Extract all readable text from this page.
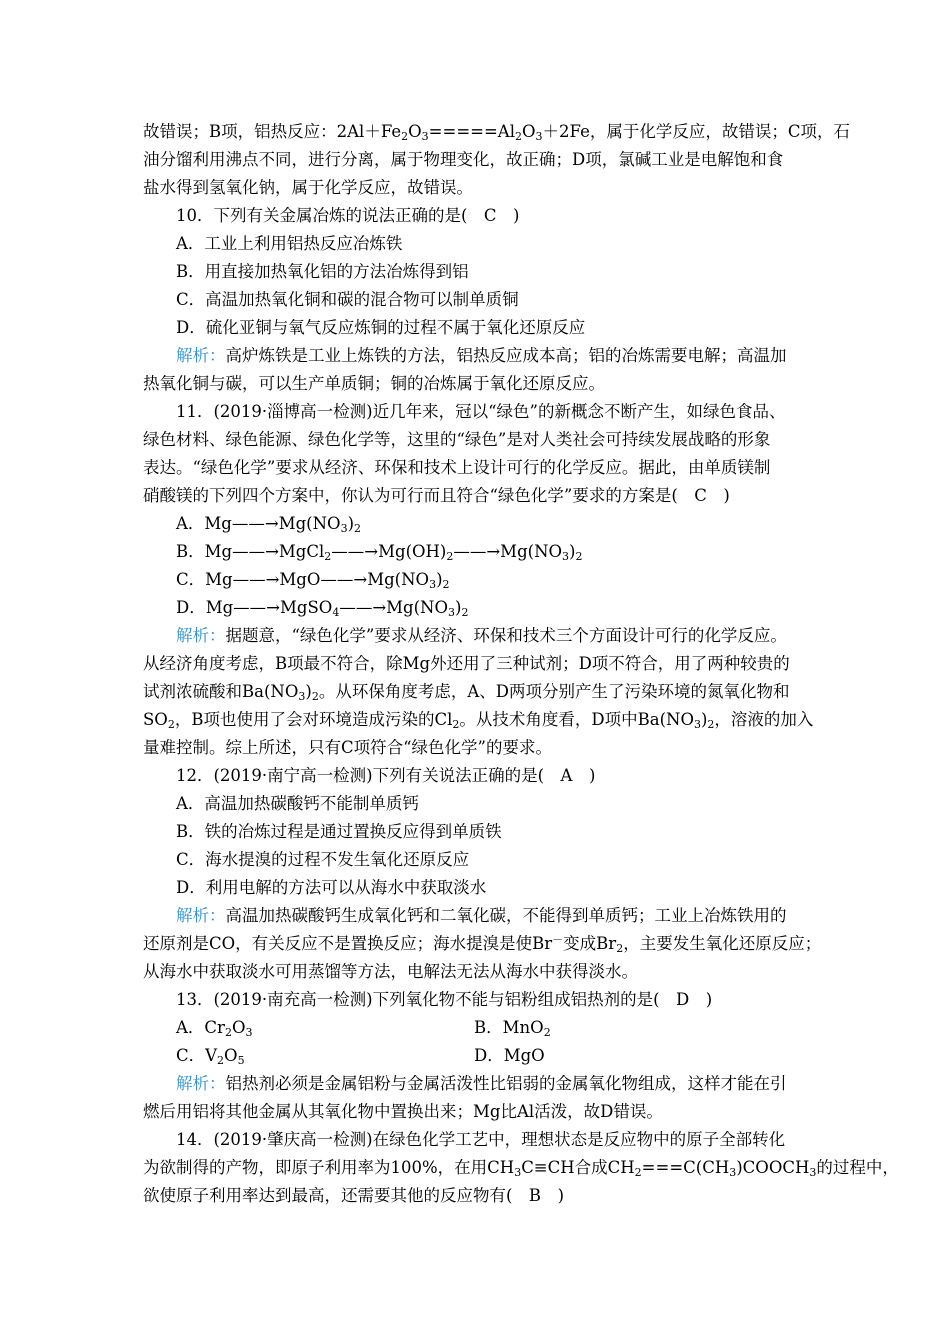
故错误；B项，铝热反应：$2Al+Fe_2O_3=====Al_2O_3+2Fe$，属于化学反应，故错误；C项，石
油分馏利用沸点不同，进行分离，属于物理变化，故正确；D项，氯碱工业是电解饱和食
盐水得到氢氧化钠，属于化学反应，故错误。
10．下列有关金属冶炼的说法正确的是(　C　)
A．工业上利用铝热反应冶炼铁
B．用直接加热氧化铝的方法冶炼得到铝
C．高温加热氧化铜和碳的混合物可以制单质铜
D．硫化亚铜与氧气反应炼铜的过程不属于氧化还原反应
解析：高炉炼铁是工业上炼铁的方法，铝热反应成本高；铝的冶炼需要电解；高温加
热氧化铜与碳，可以生产单质铜；铜的冶炼属于氧化还原反应。
11．(2019·淄博高一检测)近几年来，冠以“绿色”的新概念不断产生，如绿色食品、
绿色材料、绿色能源、绿色化学等，这里的“绿色”是对人类社会可持续发展战略的形象
表达。“绿色化学”要求从经济、环保和技术上设计可行的化学反应。据此，由单质镁制
硝酸镁的下列四个方案中，你认为可行而且符合“绿色化学”要求的方案是(　C　)
A．$Mg——\to Mg(NO_3)_2$
B．$Mg——\to MgCl_2——\to Mg(OH)_2——\to Mg(NO_3)_2$
C．$Mg——\to MgO——\to Mg(NO_3)_2$
D．$Mg——\to MgSO_4——\to Mg(NO_3)_2$
解析：据题意，“绿色化学”要求从经济、环保和技术三个方面设计可行的化学反应。
从经济角度考虑，B项最不符合，除Mg外还用了三种试剂；D项不符合，用了两种较贵的
试剂浓硫酸和$Ba(NO_3)_2$。从环保角度考虑，A、D两项分别产生了污染环境的氮氧化物和
$SO_2$，B项也使用了会对环境造成污染的$Cl_2$。从技术角度看，D项中$Ba(NO_3)_2$，溶液的加入
量难控制。综上所述，只有C项符合“绿色化学”的要求。
12．(2019·南宁高一检测)下列有关说法正确的是(　A　)
A．高温加热碳酸钙不能制单质钙
B．铁的冶炼过程是通过置换反应得到单质铁
C．海水提溴的过程不发生氧化还原反应
D．利用电解的方法可以从海水中获取淡水
解析：高温加热碳酸钙生成氧化钙和二氧化碳，不能得到单质钙；工业上冶炼铁用的
还原剂是CO，有关反应不是置换反应；海水提溴是使Br－变成$Br_2$，主要发生氧化还原反应；
从海水中获取淡水可用蒸馏等方法，电解法无法从海水中获得淡水。
13．(2019·南充高一检测)下列氧化物不能与铝粉组成铝热剂的是(　D　)
A．$Cr_2O_3$	B．MnO$_2$
C．$V_2O_5$	D．MgO
解析：铝热剂必须是金属铝粉与金属活泼性比铝弱的金属氧化物组成，这样才能在引
燃后用铝将其他金属从其氧化物中置换出来；Mg比Al活泼，故D错误。
14．(2019·肇庆高一检测)在绿色化学工艺中，理想状态是反应物中的原子全部转化
为欲制得的产物，即原子利用率为100%，在用$CH_3C\equiv CH$合成$CH_2===C(CH_3)COOCH_3$的过程中，
欲使原子利用率达到最高，还需要其他的反应物有(　B　)
